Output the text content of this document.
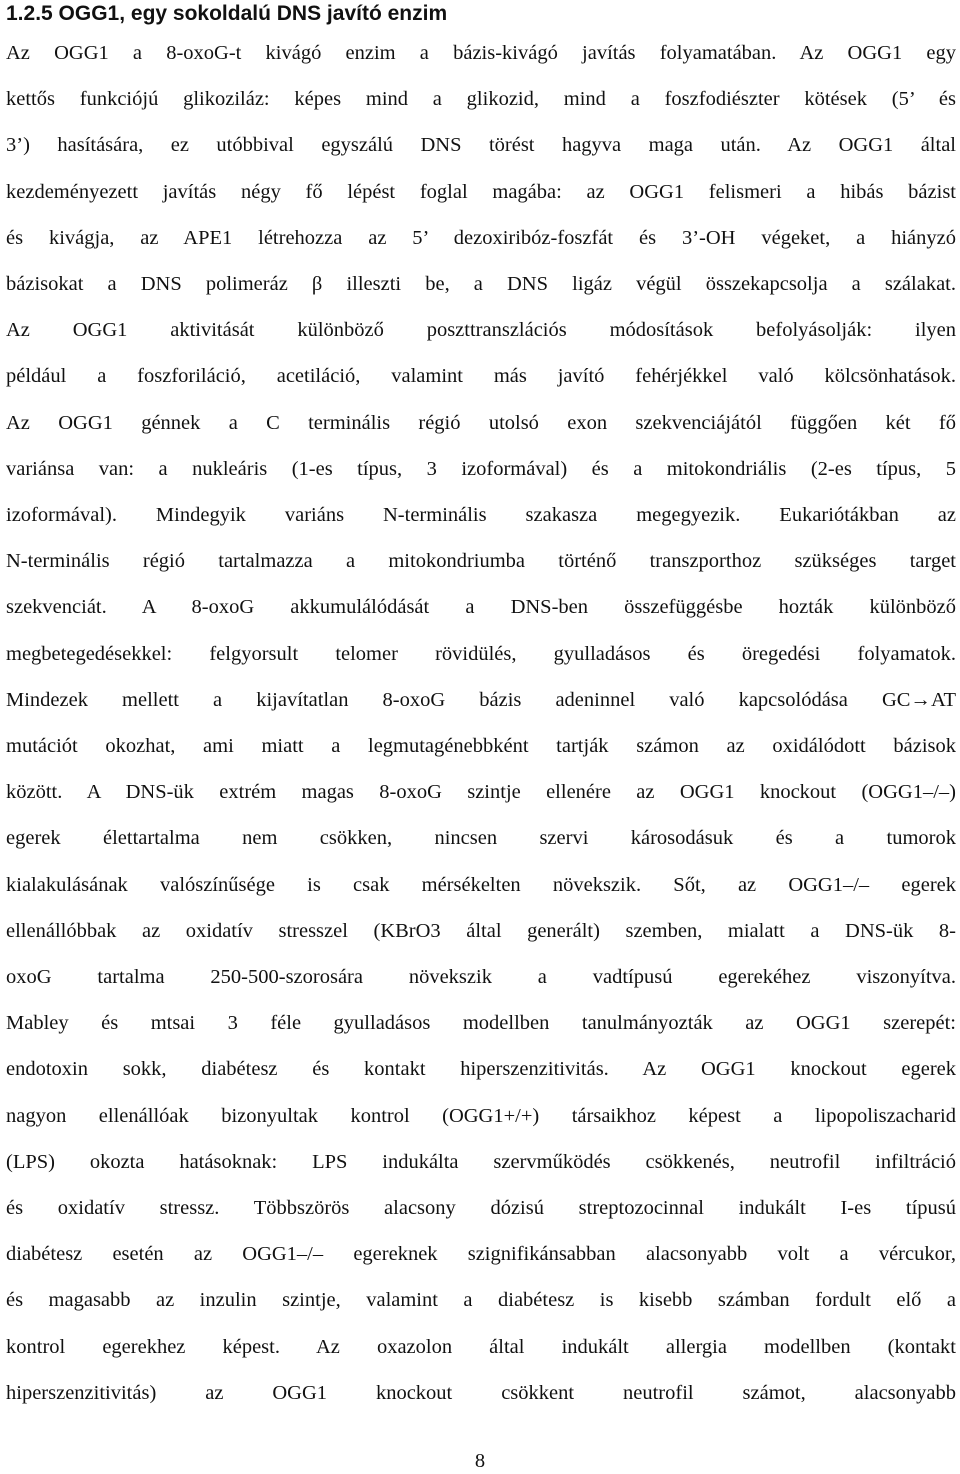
1.2.5 OGG1, egy sokoldalú DNS javító enzim
Az OGG1 a 8-oxoG-t kivágó enzim a bázis-kivágó javítás folyamatában. Az OGG1 egy
kettős funkciójú glikoziláz: képes mind a glikozid, mind a foszfodiészter kötések (5’ és
3’) hasítására, ez utóbbival egyszálú DNS törést hagyva maga után. Az OGG1 által
kezdeményezett javítás négy fő lépést foglal magába: az OGG1 felismeri a hibás bázist
és kivágja, az APE1 létrehozza az 5’ dezoxiribóz-foszfát és 3’-OH végeket, a hiányzó
bázisokat a DNS polimeráz β illeszti be, a DNS ligáz végül összekapcsolja a szálakat.
Az OGG1 aktivitását különböző poszttranszlációs módosítások befolyásolják: ilyen
például a foszforiláció, acetiláció, valamint más javító fehérjékkel való kölcsönhatások.
Az OGG1 génnek a C terminális régió utolsó exon szekvenciájától függően két fő
variánsa van: a nukleáris (1-es típus, 3 izoformával) és a mitokondriális (2-es típus, 5
izoformával). Mindegyik variáns N-terminális szakasza megegyezik. Eukariótákban az
N-terminális régió tartalmazza a mitokondriumba történő transzporthoz szükséges target
szekvenciát. A 8-oxoG akkumulálódását a DNS-ben összefüggésbe hozták különböző
megbetegedésekkel: felgyorsult telomer rövidülés, gyulladásos és öregedési folyamatok.
Mindezek mellett a kijavítatlan 8-oxoG bázis adeninnel való kapcsolódása GC→AT
mutációt okozhat, ami miatt a legmutagénebbként tartják számon az oxidálódott bázisok
között. A DNS-ük extrém magas 8-oxoG szintje ellenére az OGG1 knockout (OGG1–/–)
egerek élettartalma nem csökken, nincsen szervi károsodásuk és a tumorok
kialakulásának valószínűsége is csak mérsékelten növekszik. Sőt, az OGG1–/– egerek
ellenállóbbak az oxidatív stresszel (KBrO3 által generált) szemben, mialatt a DNS-ük 8-
oxoG tartalma 250-500-szorosára növekszik a vadtípusú egerekéhez viszonyítva.
Mabley és mtsai 3 féle gyulladásos modellben tanulmányozták az OGG1 szerepét:
endotoxin sokk, diabétesz és kontakt hiperszenzitivitás. Az OGG1 knockout egerek
nagyon ellenállóak bizonyultak kontrol (OGG1+/+) társaikhoz képest a lipopoliszacharid
(LPS) okozta hatásoknak: LPS indukálta szervműködés csökkenés, neutrofil infiltráció
és oxidatív stressz. Többszörös alacsony dózisú streptozocinnal indukált I-es típusú
diabétesz esetén az OGG1–/– egereknek szignifikánsabban alacsonyabb volt a vércukor,
és magasabb az inzulin szintje, valamint a diabétesz is kisebb számban fordult elő a
kontrol egerekhez képest. Az oxazolon által indukált allergia modellben (kontakt
hiperszenzitivitás) az OGG1 knockout csökkent neutrofil számot, alacsonyabb
8
